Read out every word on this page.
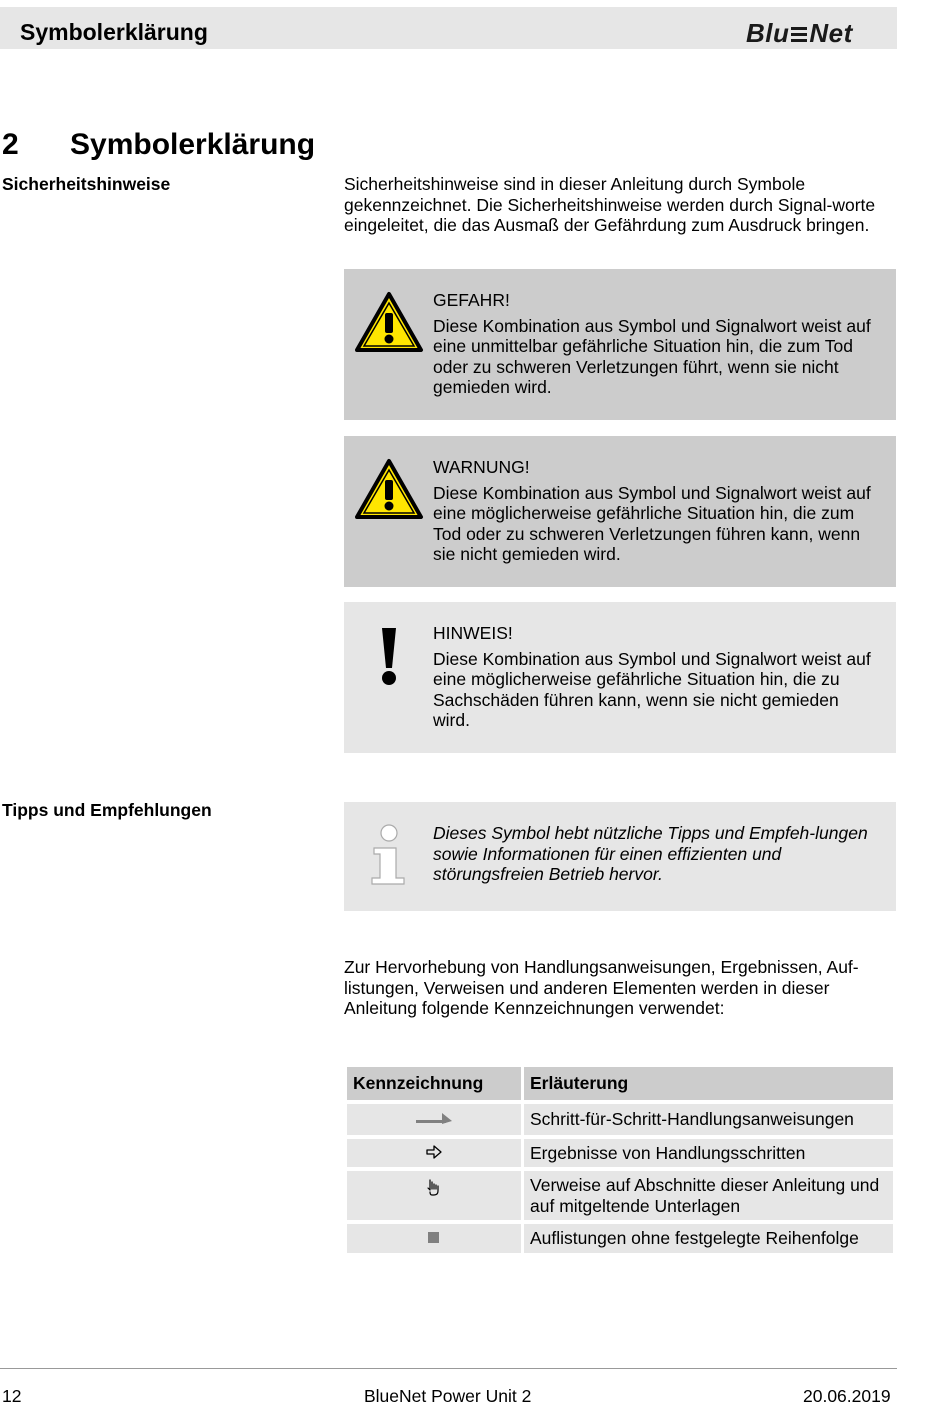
Symbolerklärung	Blu Net
2 Symbolerklärung
Sicherheitshinweise	Sicherheitshinweise sind in dieser Anleitung durch Symbole gekennzeichnet. Die Sicherheitshinweise werden durch Signal-worte eingeleitet, die das Ausmaß der Gefährdung zum Ausdruck bringen.
GEFAHR!
Diese Kombination aus Symbol und Signalwort weist auf eine unmittelbar gefährliche Situation hin, die zum Tod oder zu schweren Verletzungen führt, wenn sie nicht gemieden wird.
WARNUNG!
Diese Kombination aus Symbol und Signalwort weist auf eine möglicherweise gefährliche Situation hin, die zum Tod oder zu schweren Verletzungen führen kann, wenn sie nicht gemieden wird.
HINWEIS!
Diese Kombination aus Symbol und Signalwort weist auf eine möglicherweise gefährliche Situation hin, die zu Sachschäden führen kann, wenn sie nicht gemieden wird.
Tipps und Empfehlungen
Dieses Symbol hebt nützliche Tipps und Empfeh-lungen sowie Informationen für einen effizienten und störungsfreien Betrieb hervor.
Zur Hervorhebung von Handlungsanweisungen, Ergebnissen, Auf-listungen, Verweisen und anderen Elementen werden in dieser Anleitung folgende Kennzeichnungen verwendet:
Kennzeichnung	Erläuterung
	Schritt-für-Schritt-Handlungsanweisungen
	Ergebnisse von Handlungsschritten
	Verweise auf Abschnitte dieser Anleitung und auf mitgeltende Unterlagen
	Auflistungen ohne festgelegte Reihenfolge
12	BlueNet Power Unit 2	20.06.2019
